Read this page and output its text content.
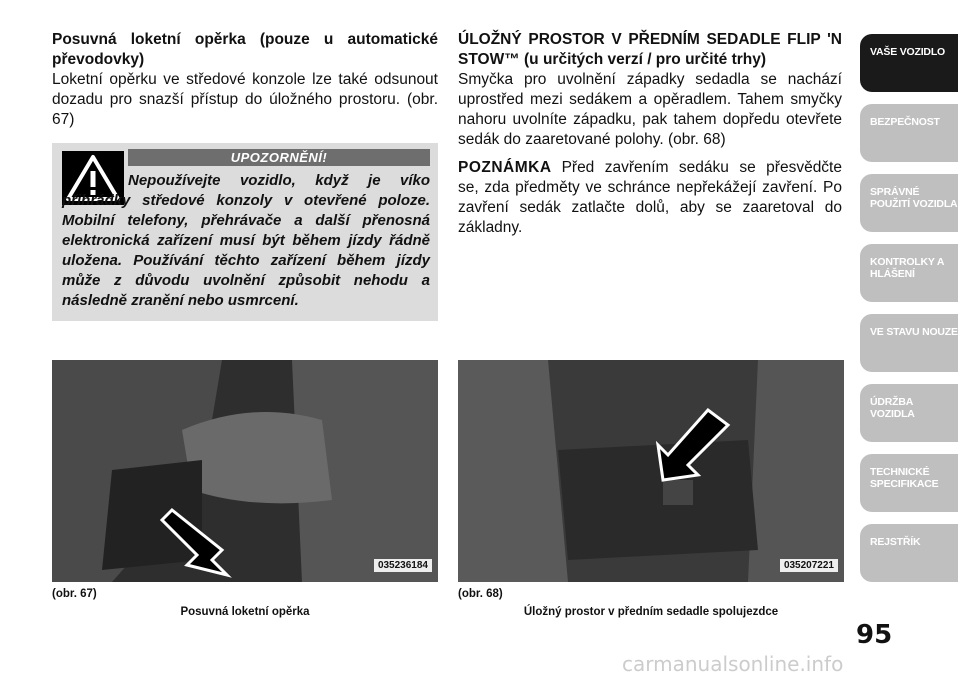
Posuvná loketní opěrka (pouze u automatické převodovky)

Loketní opěrku ve středové konzole lze také odsunout dozadu pro snazší přístup do úložného prostoru. (obr. 67)

UPOZORNĚNÍ!
Nepoužívejte vozidlo, když je víko přihrádky středové konzoly v otevřené poloze. Mobilní telefony, přehrávače a další přenosná elektronická zařízení musí být během jízdy řádně uložena. Používání těchto zařízení během jízdy může z důvodu uvolnění způsobit nehodu a následně zranění nebo usmrcení.

ÚLOŽNÝ PROSTOR V PŘEDNÍM SEDADLE FLIP 'N STOW™ (u určitých verzí / pro určité trhy)

Smyčka pro uvolnění západky sedadla se nachází uprostřed mezi sedákem a opěradlem. Tahem smyčky nahoru uvolníte západku, pak tahem dopředu otevřete sedák do zaaretované polohy. (obr. 68)

POZNÁMKA Před zavřením sedáku se přesvědčte se, zda předměty ve schránce nepřekážejí zavření. Po zavření sedák zatlačte dolů, aby se zaaretoval do základny.

035236184	035207221
(obr. 67)
Posuvná loketní opěrka
(obr. 68)
Úložný prostor v předním sedadle spolujezdce
VAŠE VOZIDLO
BEZPEČNOST
SPRÁVNÉ POUŽITÍ VOZIDLA
KONTROLKY A HLÁŠENÍ
VE STAVU NOUZE
ÚDRŽBA VOZIDLA
TECHNICKÉ SPECIFIKACE
REJSTŘÍK
95
carmanualsonline.info
